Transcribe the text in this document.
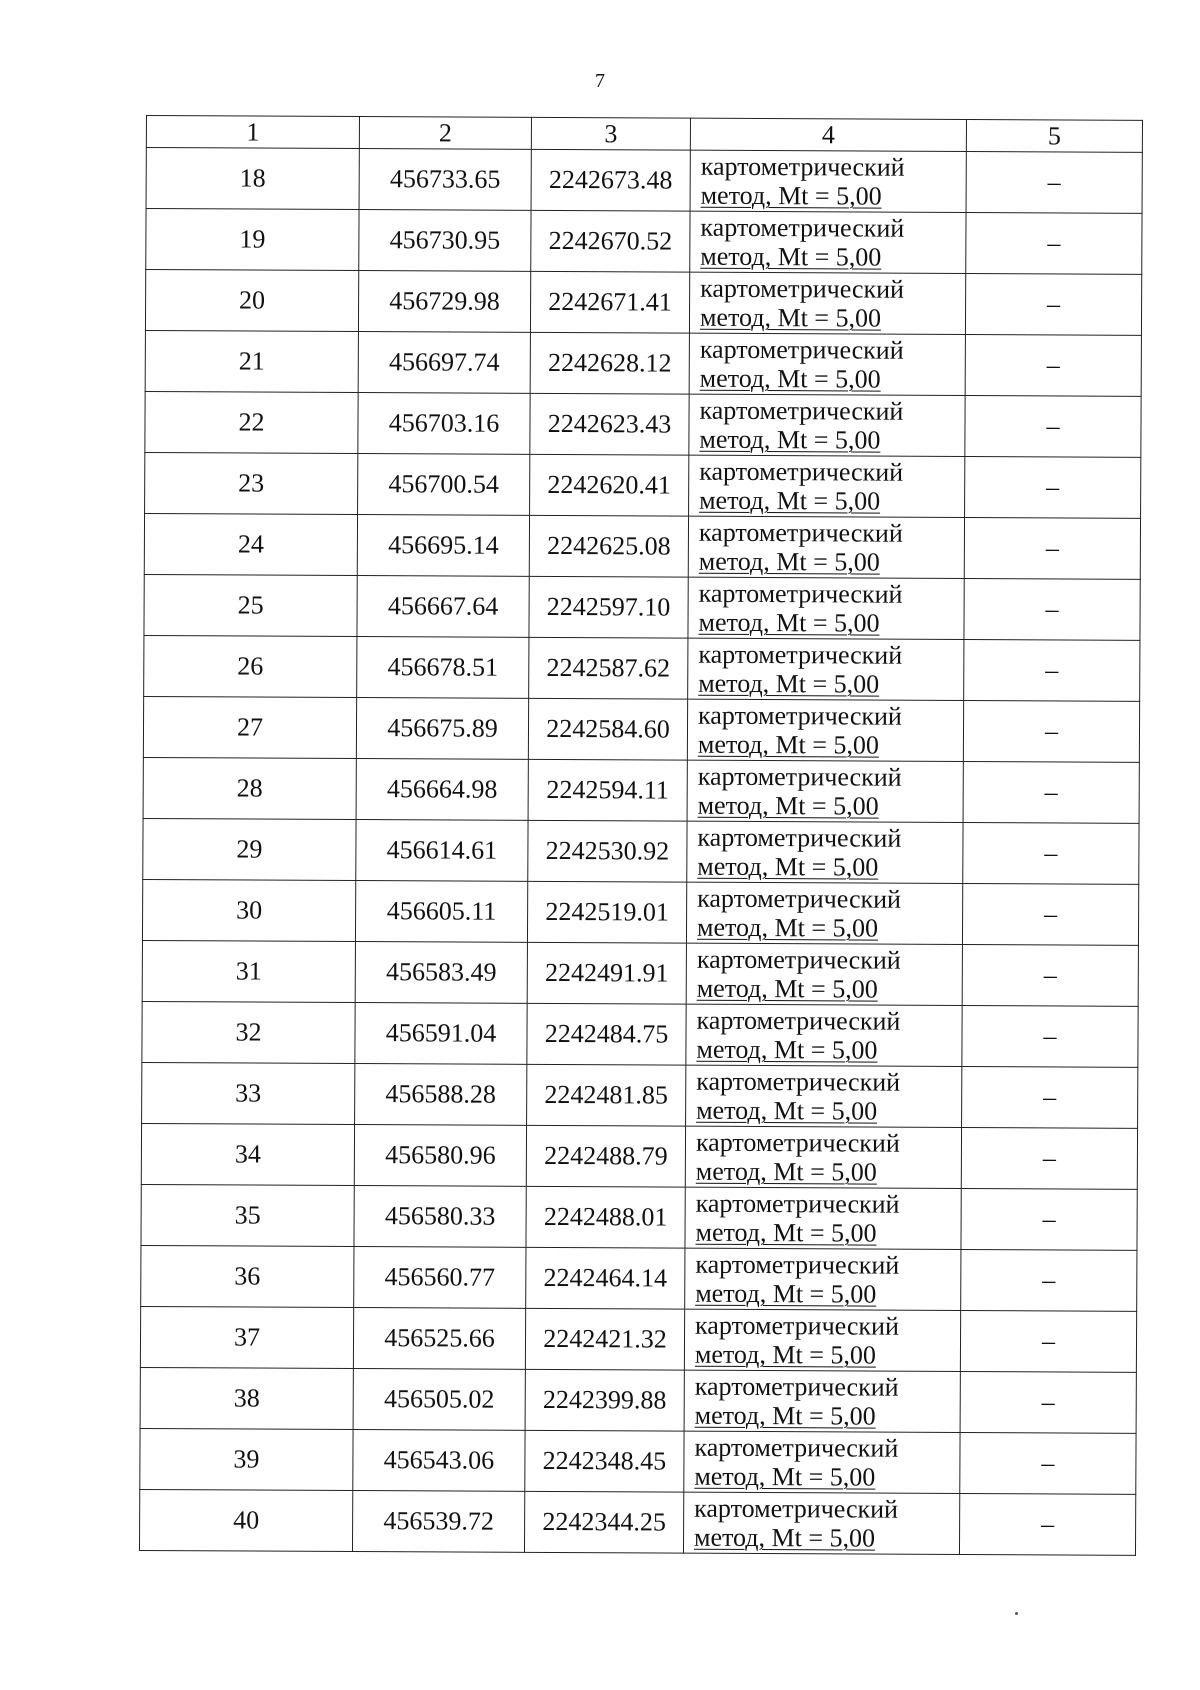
7
1	2	3	4	5
18	456733.65	2242673.48	картометрический
метод, Mt = 5,00	–
19	456730.95	2242670.52	картометрический
метод, Mt = 5,00	–
20	456729.98	2242671.41	картометрический
метод, Mt = 5,00	–
21	456697.74	2242628.12	картометрический
метод, Mt = 5,00	–
22	456703.16	2242623.43	картометрический
метод, Mt = 5,00	–
23	456700.54	2242620.41	картометрический
метод, Mt = 5,00	–
24	456695.14	2242625.08	картометрический
метод, Mt = 5,00	–
25	456667.64	2242597.10	картометрический
метод, Mt = 5,00	–
26	456678.51	2242587.62	картометрический
метод, Mt = 5,00	–
27	456675.89	2242584.60	картометрический
метод, Mt = 5,00	–
28	456664.98	2242594.11	картометрический
метод, Mt = 5,00	–
29	456614.61	2242530.92	картометрический
метод, Mt = 5,00	–
30	456605.11	2242519.01	картометрический
метод, Mt = 5,00	–
31	456583.49	2242491.91	картометрический
метод, Mt = 5,00	–
32	456591.04	2242484.75	картометрический
метод, Mt = 5,00	–
33	456588.28	2242481.85	картометрический
метод, Mt = 5,00	–
34	456580.96	2242488.79	картометрический
метод, Mt = 5,00	–
35	456580.33	2242488.01	картометрический
метод, Mt = 5,00	–
36	456560.77	2242464.14	картометрический
метод, Mt = 5,00	–
37	456525.66	2242421.32	картометрический
метод, Mt = 5,00	–
38	456505.02	2242399.88	картометрический
метод, Mt = 5,00	–
39	456543.06	2242348.45	картометрический
метод, Mt = 5,00	–
40	456539.72	2242344.25	картометрический
метод, Mt = 5,00	–
